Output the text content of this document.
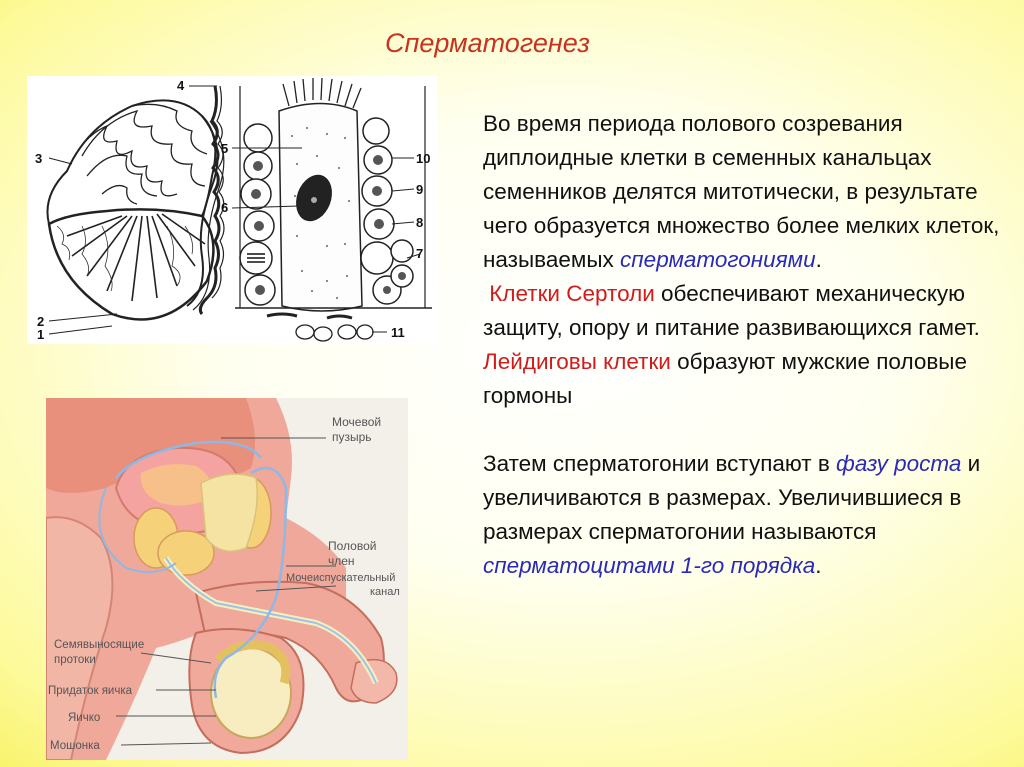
Сперматогенез
4
3
5
6
10
9
8
7
11
2
1
Мочевой
пузырь
Половой
член
Мочеиспускательный
канал
Семявыносящие
протоки
Придаток яичка
Яичко
Мошонка

Во время периода полового созревания диплоидные клетки в семенных канальцах семенников делятся митотически, в результате чего образуется множество более мелких клеток, называемых сперматогониями.

Клетки Сертоли обеспечивают механическую защиту, опору и питание развивающихся гамет.

Лейдиговы клетки образуют мужские половые гормоны

Затем сперматогонии вступают в фазу роста и увеличиваются в размерах. Увеличившиеся в размерах сперматогонии называются сперматоцитами 1-го порядка.
